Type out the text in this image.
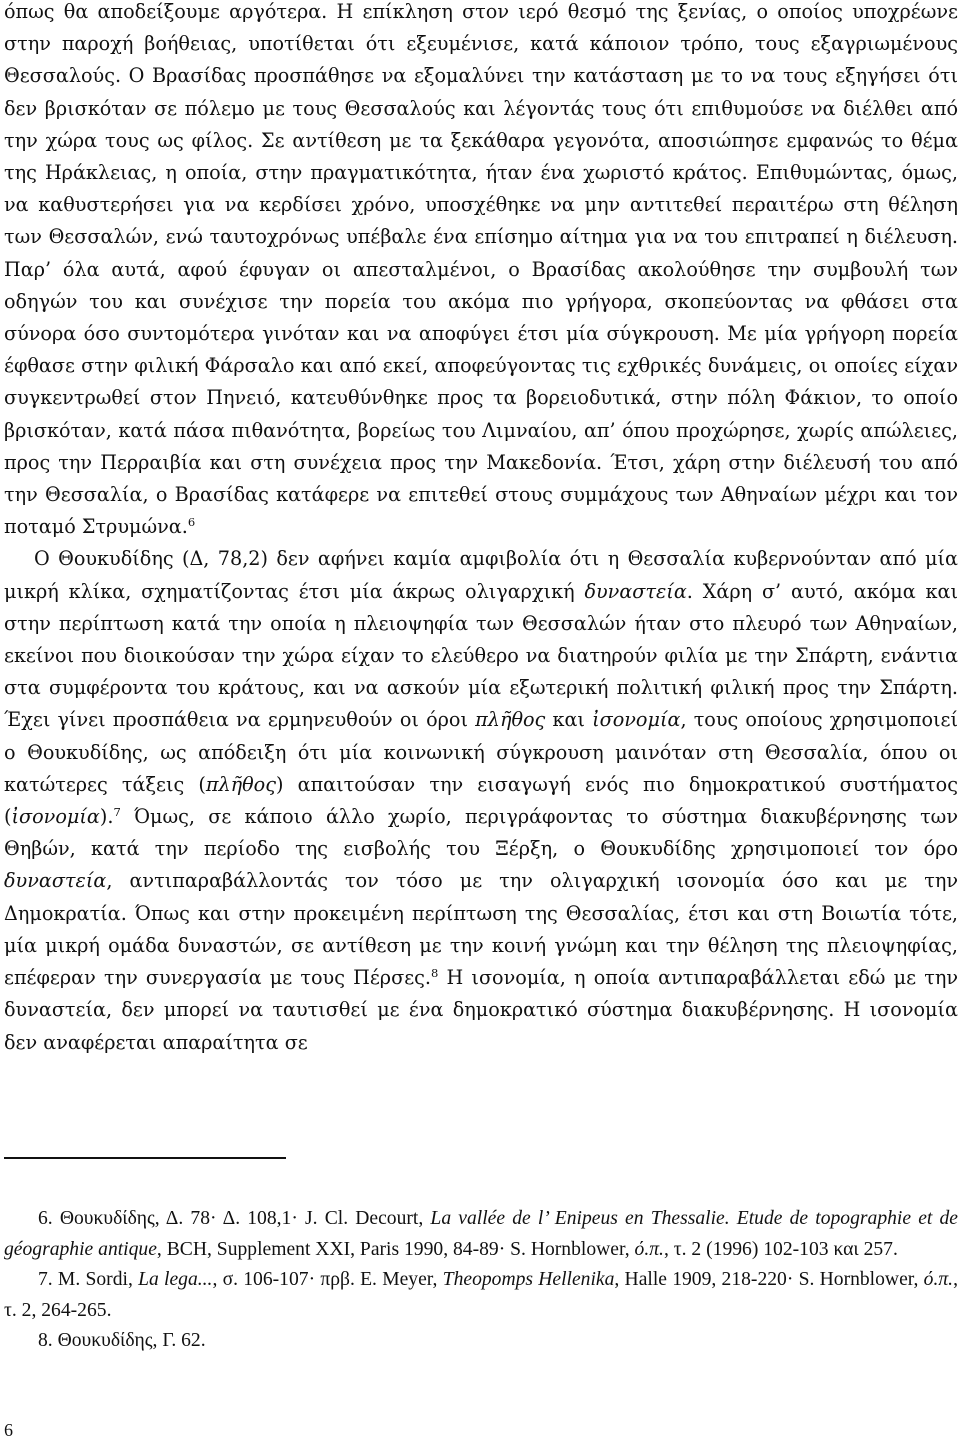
όπως θα αποδείξουμε αργότερα. Η επίκληση στον ιερό θεσμό της ξενίας, ο οποίος υποχρέωνε στην παροχή βοήθειας, υποτίθεται ότι εξευμένισε, κατά κάποιον τρόπο, τους εξαγριωμένους Θεσσαλούς. Ο Βρασίδας προσπάθησε να εξομαλύνει την κατάσταση με το να τους εξηγήσει ότι δεν βρισκόταν σε πόλεμο με τους Θεσσαλούς και λέγοντάς τους ότι επιθυμούσε να διέλθει από την χώρα τους ως φίλος. Σε αντίθεση με τα ξεκάθαρα γεγονότα, αποσιώπησε εμφανώς το θέμα της Ηράκλειας, η οποία, στην πραγματικότητα, ήταν ένα χωριστό κράτος. Επιθυμώντας, όμως, να καθυστερήσει για να κερδίσει χρόνο, υποσχέθηκε να μην αντιτεθεί περαιτέρω στη θέληση των Θεσσαλών, ενώ ταυτοχρόνως υπέβαλε ένα επίσημο αίτημα για να του επιτραπεί η διέλευση. Παρ’ όλα αυτά, αφού έφυγαν οι απεσταλμένοι, ο Βρασίδας ακολούθησε την συμβουλή των οδηγών του και συνέχισε την πορεία του ακόμα πιο γρήγορα, σκοπεύοντας να φθάσει στα σύνορα όσο συντομότερα γινόταν και να αποφύγει έτσι μία σύγκρουση. Με μία γρήγορη πορεία έφθασε στην φιλική Φάρσαλο και από εκεί, αποφεύγοντας τις εχθρικές δυνάμεις, οι οποίες είχαν συγκεντρωθεί στον Πηνειό, κατευθύνθηκε προς τα βορειοδυτικά, στην πόλη Φάκιον, το οποίο βρισκόταν, κατά πάσα πιθανότητα, βορείως του Λιμναίου, απ’ όπου προχώρησε, χωρίς απώλειες, προς την Περραιβία και στη συνέχεια προς την Μακεδονία. Έτσι, χάρη στην διέλευσή του από την Θεσσαλία, ο Βρασίδας κατάφερε να επιτεθεί στους συμμάχους των Αθηναίων μέχρι και τον ποταμό Στρυμώνα.$^6$

Ο Θουκυδίδης (Δ, 78,2) δεν αφήνει καμία αμφιβολία ότι η Θεσσαλία κυβερνούνταν από μία μικρή κλίκα, σχηματίζοντας έτσι μία άκρως ολιγαρχική δυναστεία. Χάρη σ’ αυτό, ακόμα και στην περίπτωση κατά την οποία η πλειοψηφία των Θεσσαλών ήταν στο πλευρό των Αθηναίων, εκείνοι που διοικούσαν την χώρα είχαν το ελεύθερο να διατηρούν φιλία με την Σπάρτη, ενάντια στα συμφέροντα του κράτους, και να ασκούν μία εξωτερική πολιτική φιλική προς την Σπάρτη. Έχει γίνει προσπάθεια να ερμηνευθούν οι όροι πλῆθος και ἰσονομία, τους οποίους χρησιμοποιεί ο Θουκυδίδης, ως απόδειξη ότι μία κοινωνική σύγκρουση μαινόταν στη Θεσσαλία, όπου οι κατώτερες τάξεις (πλῆθος) απαιτούσαν την εισαγωγή ενός πιο δημοκρατικού συστήματος (ἰσονομία).$^7$ Όμως, σε κάποιο άλλο χωρίο, περιγράφοντας το σύστημα διακυβέρνησης των Θηβών, κατά την περίοδο της εισβολής του Ξέρξη, ο Θουκυδίδης χρησιμοποιεί τον όρο δυναστεία, αντιπαραβάλλοντάς τον τόσο με την ολιγαρχική ισονομία όσο και με την Δημοκρατία. Όπως και στην προκειμένη περίπτωση της Θεσσαλίας, έτσι και στη Βοιωτία τότε, μία μικρή ομάδα δυναστών, σε αντίθεση με την κοινή γνώμη και την θέληση της πλειοψηφίας, επέφεραν την συνεργασία με τους Πέρσες.$^8$ Η ισονομία, η οποία αντιπαραβάλλεται εδώ με την δυναστεία, δεν μπορεί να ταυτισθεί με ένα δημοκρατικό σύστημα διακυβέρνησης. Η ισονομία δεν αναφέρεται απαραίτητα σε

6. Θουκυδίδης, Δ. 78· Δ. 108,1· J. Cl. Decourt, La vallée de l’ Enipeus en Thessalie. Etude de topographie et de géographie antique, BCH, Supplement XXI, Paris 1990, 84-89· S. Hornblower, ό.π., τ. 2 (1996) 102-103 και 257.

7. M. Sordi, La lega..., σ. 106-107· πρβ. E. Meyer, Theopomps Hellenika, Halle 1909, 218-220· S. Hornblower, ό.π., τ. 2, 264-265.

8. Θουκυδίδης, Γ. 62.

6
